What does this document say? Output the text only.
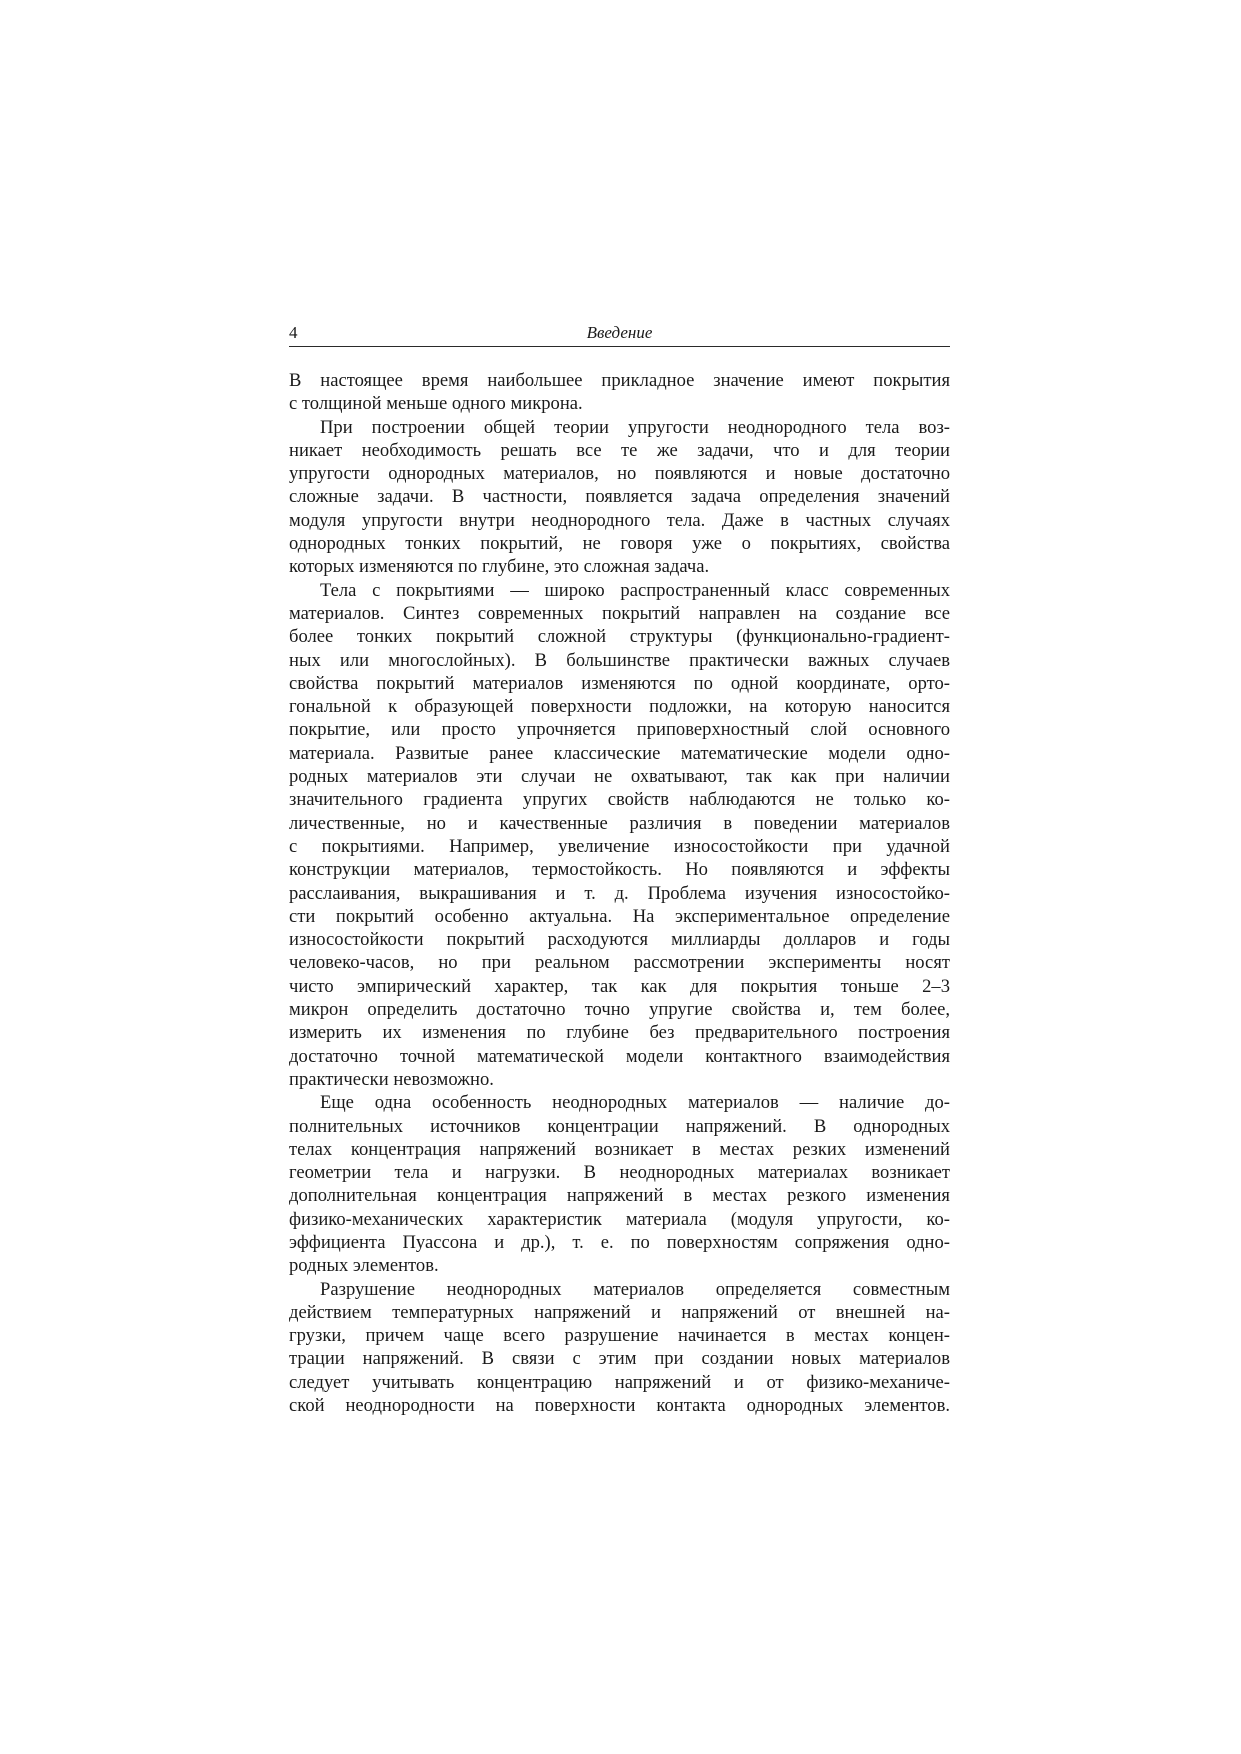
4	Введение
В настоящее время наибольшее прикладное значение имеют покрытия
с толщиной меньше одного микрона.
При построении общей теории упругости неоднородного тела воз-
никает необходимость решать все те же задачи, что и для теории
упругости однородных материалов, но появляются и новые достаточно
сложные задачи. В частности, появляется задача определения значений
модуля упругости внутри неоднородного тела. Даже в частных случаях
однородных тонких покрытий, не говоря уже о покрытиях, свойства
которых изменяются по глубине, это сложная задача.
Тела с покрытиями — широко распространенный класс современных
материалов. Синтез современных покрытий направлен на создание все
более тонких покрытий сложной структуры (функционально-градиент-
ных или многослойных). В большинстве практически важных случаев
свойства покрытий материалов изменяются по одной координате, орто-
гональной к образующей поверхности подложки, на которую наносится
покрытие, или просто упрочняется приповерхностный слой основного
материала. Развитые ранее классические математические модели одно-
родных материалов эти случаи не охватывают, так как при наличии
значительного градиента упругих свойств наблюдаются не только ко-
личественные, но и качественные различия в поведении материалов
с покрытиями. Например, увеличение износостойкости при удачной
конструкции материалов, термостойкость. Но появляются и эффекты
расслаивания, выкрашивания и т. д. Проблема изучения износостойко-
сти покрытий особенно актуальна. На экспериментальное определение
износостойкости покрытий расходуются миллиарды долларов и годы
человеко-часов, но при реальном рассмотрении эксперименты носят
чисто эмпирический характер, так как для покрытия тоньше 2–3
микрон определить достаточно точно упругие свойства и, тем более,
измерить их изменения по глубине без предварительного построения
достаточно точной математической модели контактного взаимодействия
практически невозможно.
Еще одна особенность неоднородных материалов — наличие до-
полнительных источников концентрации напряжений. В однородных
телах концентрация напряжений возникает в местах резких изменений
геометрии тела и нагрузки. В неоднородных материалах возникает
дополнительная концентрация напряжений в местах резкого изменения
физико-механических характеристик материала (модуля упругости, ко-
эффициента Пуассона и др.), т. е. по поверхностям сопряжения одно-
родных элементов.
Разрушение неоднородных материалов определяется совместным
действием температурных напряжений и напряжений от внешней на-
грузки, причем чаще всего разрушение начинается в местах концен-
трации напряжений. В связи с этим при создании новых материалов
следует учитывать концентрацию напряжений и от физико-механиче-
ской неоднородности на поверхности контакта однородных элементов.
